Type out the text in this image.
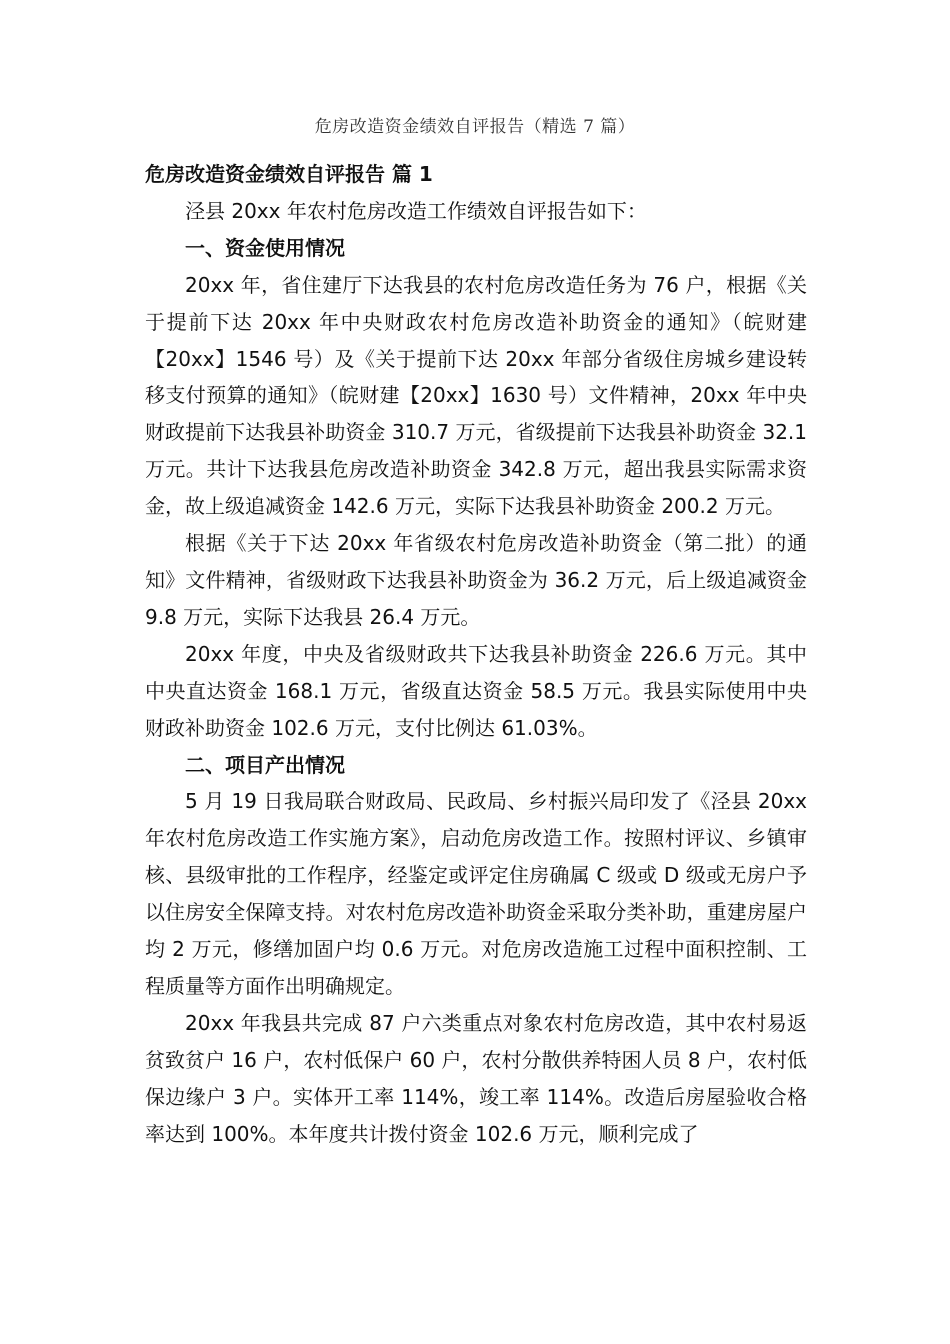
危房改造资金绩效自评报告（精选 7 篇）

危房改造资金绩效自评报告 篇 1

泾县 20xx 年农村危房改造工作绩效自评报告如下：

一、资金使用情况

20xx 年，省住建厅下达我县的农村危房改造任务为 76 户，根据《关于提前下达 20xx 年中央财政农村危房改造补助资金的通知》（皖财建【20xx】1546 号）及《关于提前下达 20xx 年部分省级住房城乡建设转移支付预算的通知》（皖财建【20xx】1630 号）文件精神，20xx 年中央财政提前下达我县补助资金 310.7 万元，省级提前下达我县补助资金 32.1 万元。共计下达我县危房改造补助资金 342.8 万元，超出我县实际需求资金，故上级追减资金 142.6 万元，实际下达我县补助资金 200.2 万元。

根据《关于下达 20xx 年省级农村危房改造补助资金（第二批）的通知》文件精神，省级财政下达我县补助资金为 36.2 万元，后上级追减资金 9.8 万元，实际下达我县 26.4 万元。

20xx 年度，中央及省级财政共下达我县补助资金 226.6 万元。其中中央直达资金 168.1 万元，省级直达资金 58.5 万元。我县实际使用中央财政补助资金 102.6 万元，支付比例达 61.03%。

二、项目产出情况

5 月 19 日我局联合财政局、民政局、乡村振兴局印发了《泾县 20xx 年农村危房改造工作实施方案》，启动危房改造工作。按照村评议、乡镇审核、县级审批的工作程序，经鉴定或评定住房确属 C 级或 D 级或无房户予以住房安全保障支持。对农村危房改造补助资金采取分类补助，重建房屋户均 2 万元，修缮加固户均 0.6 万元。对危房改造施工过程中面积控制、工程质量等方面作出明确规定。

20xx 年我县共完成 87 户六类重点对象农村危房改造，其中农村易返贫致贫户 16 户，农村低保户 60 户，农村分散供养特困人员 8 户，农村低保边缘户 3 户。实体开工率 114%，竣工率 114%。改造后房屋验收合格率达到 100%。本年度共计拨付资金 102.6 万元，顺利完成了
